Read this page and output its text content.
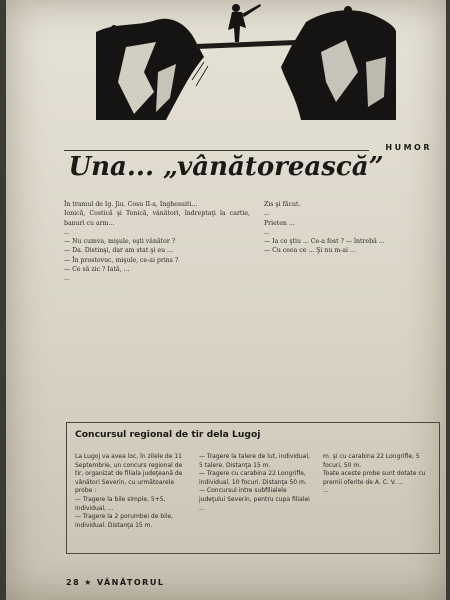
HUMOR
Una... „vânătorească”
În tramul de Ig. Jiu. Cosu II-a, Inghesuiti...
Ionică, Costică şi Tonică, vânători, îndreptaţi la cartie, banuri cu arm...
...
— Nu cumva, mişule, eşti vânător ?
— Da. Distinşi, dar am stat şi eu ...
— În prostovuc, mişule, ce-ai prins ?
— Ce să zic ? Iată, ...
...
Zis şi făcut.
...
Prieten ...
...
— Ia ce ştiu ... Ce-a fost ? — întrebă ...
— Cu ceea ce ... Şi nu m-ai ...
Concursul regional de tir dela Lugoj
La Lugoj va avea loc, în zilele de 11 Septembrie, un concurs regional de tir, organizat de filiala judeţeană de vânători Severin, cu următoarele probe :
— Tragere la bile simple, 5+5, individual, ...
— Tragere la 2 porumbei de bile, individual. Distanţa 15 m.
— Tragere la talere de lut, individual, 5 talere. Distanţa 15 m.
— Tragere cu carabina 22 Longrifle, individual, 10 focuri. Distanţa 50 m.
— Concursul intre subfilialele judeţului Severin, pentru cupa filialei ...
m. şi cu carabina 22 Longrifle, 5 focuri, 50 m.
Toate aceste probe sunt dotate cu premii oferite de A. C. V. ...
...
28 ★ VÂNĂTORUL
